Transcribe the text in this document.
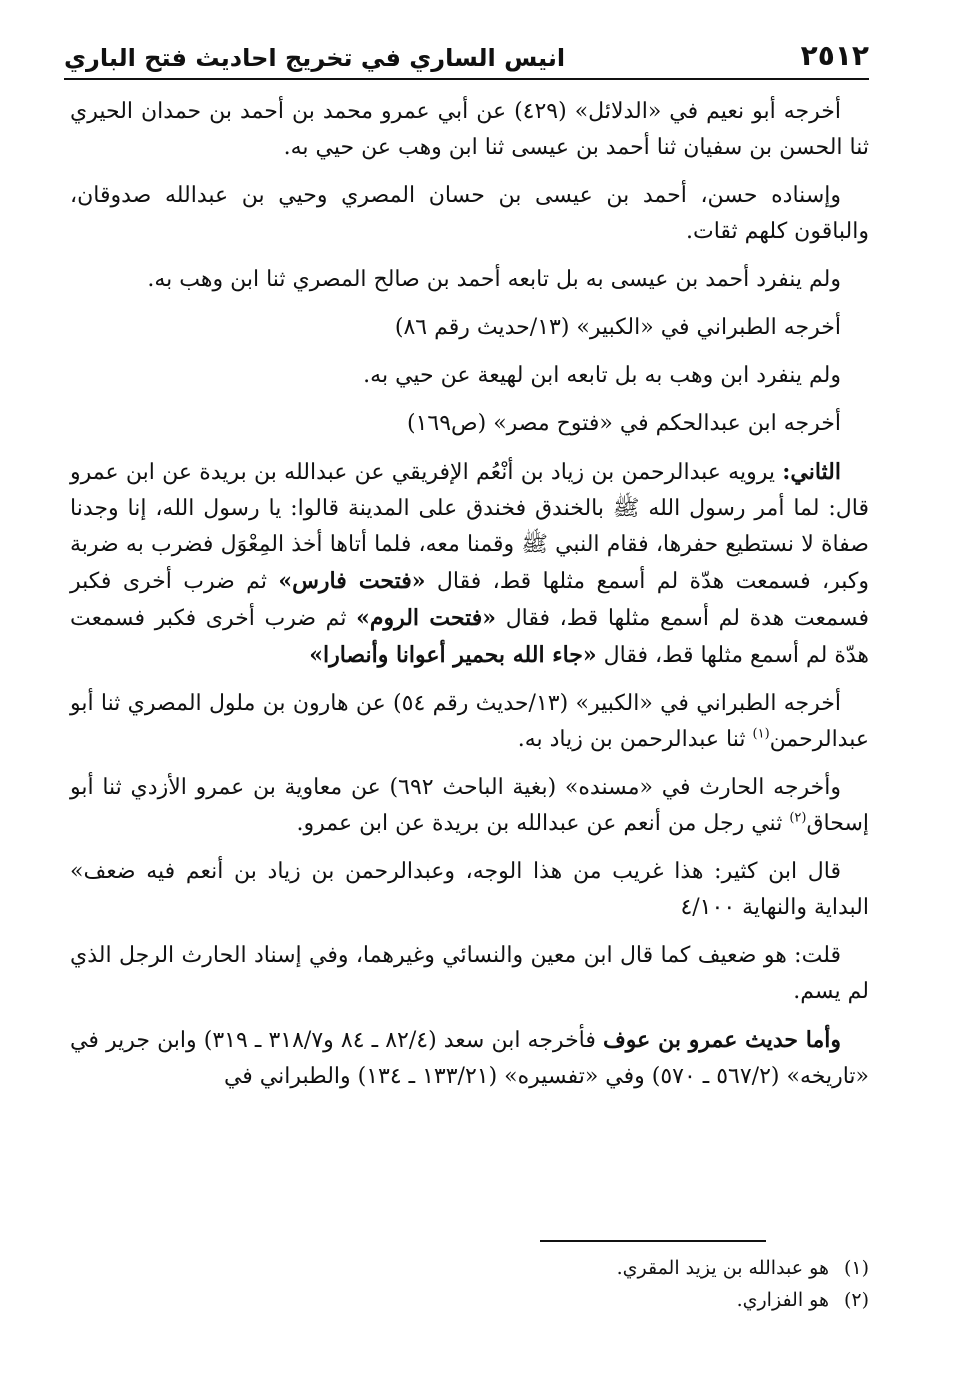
٢٥١٢
انيس الساري في تخريج احاديث فتح الباري

أخرجه أبو نعيم في «الدلائل» (٤٢٩) عن أبي عمرو محمد بن أحمد بن حمدان الحيري ثنا الحسن بن سفيان ثنا أحمد بن عيسى ثنا ابن وهب عن حيي به.

وإسناده حسن، أحمد بن عيسى بن حسان المصري وحيي بن عبدالله صدوقان، والباقون كلهم ثقات.

ولم ينفرد أحمد بن عيسى به بل تابعه أحمد بن صالح المصري ثنا ابن وهب به.

أخرجه الطبراني في «الكبير» (١٣/حديث رقم ٨٦)

ولم ينفرد ابن وهب به بل تابعه ابن لهيعة عن حيي به.

أخرجه ابن عبدالحكم في «فتوح مصر» (ص١٦٩)

الثاني: يرويه عبدالرحمن بن زياد بن أنْعُم الإفريقي عن عبدالله بن بريدة عن ابن عمرو قال: لما أمر رسول الله ﷺ بالخندق فخندق على المدينة قالوا: يا رسول الله، إنا وجدنا صفاة لا نستطيع حفرها، فقام النبي ﷺ وقمنا معه، فلما أتاها أخذ المِعْوَل فضرب به ضربة وكبر، فسمعت هدّة لم أسمع مثلها قط، فقال «فتحت فارس» ثم ضرب أخرى فكبر فسمعت هدة لم أسمع مثلها قط، فقال «فتحت الروم» ثم ضرب أخرى فكبر فسمعت هدّة لم أسمع مثلها قط، فقال «جاء الله بحمير أعوانا وأنصارا»

أخرجه الطبراني في «الكبير» (١٣/حديث رقم ٥٤) عن هارون بن ملول المصري ثنا أبو عبدالرحمن$^{(١)}$ ثنا عبدالرحمن بن زياد به.

وأخرجه الحارث في «مسنده» (بغية الباحث ٦٩٢) عن معاوية بن عمرو الأزدي ثنا أبو إسحاق$^{(٢)}$ ثني رجل من أنعم عن عبدالله بن بريدة عن ابن عمرو.

قال ابن كثير: هذا غريب من هذا الوجه، وعبدالرحمن بن زياد بن أنعم فيه ضعف» البداية والنهاية ٤/١٠٠

قلت: هو ضعيف كما قال ابن معين والنسائي وغيرهما، وفي إسناد الحارث الرجل الذي لم يسم.

وأما حديث عمرو بن عوف فأخرجه ابن سعد (٨٢/٤ ـ ٨٤ و٣١٨/٧ ـ ٣١٩) وابن جرير في «تاريخه» (٥٦٧/٢ ـ ٥٧٠) وفي «تفسيره» (١٣٣/٢١ ـ ١٣٤) والطبراني في

(١)هو عبدالله بن يزيد المقري.

(٢)هو الفزاري.
